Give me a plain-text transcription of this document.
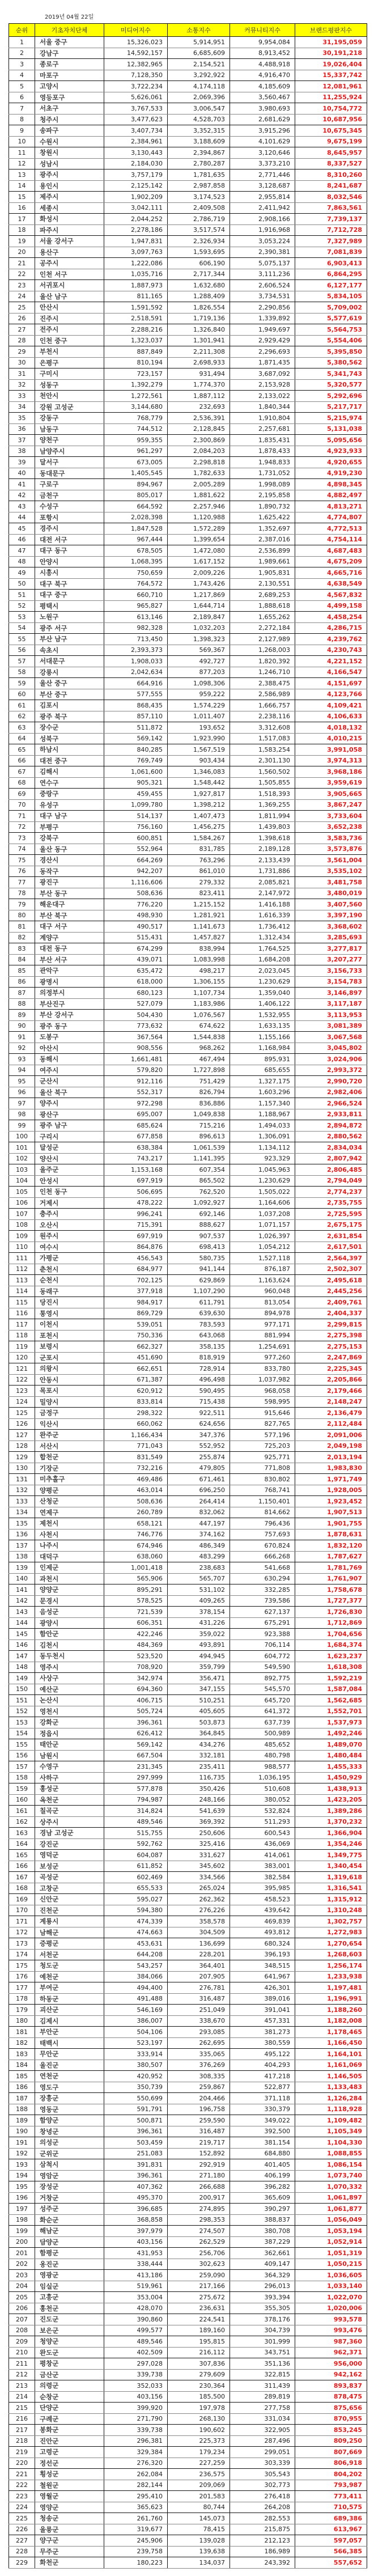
2019년 04월 22일
순위	기초자치단체	미디어지수	소통지수	커뮤니티지수	브랜드평판지수
1	서울 중구	15,326,023	5,914,951	9,954,084	31,195,059
2	강남구	14,592,157	6,685,609	8,913,452	30,191,218
3	종로구	12,382,965	2,154,521	4,488,918	19,026,404
4	마포구	7,128,350	3,292,922	4,916,470	15,337,742
5	고양시	3,722,234	4,174,118	4,185,609	12,081,961
6	영등포구	5,626,061	2,069,396	3,560,467	11,255,924
7	서초구	3,767,533	3,006,547	3,980,693	10,754,772
8	청주시	3,477,623	4,528,703	2,681,629	10,687,956
9	송파구	3,407,734	3,352,315	3,915,296	10,675,345
10	수원시	2,384,961	3,188,609	4,101,629	9,675,199
11	창원시	3,130,443	2,394,867	3,120,646	8,645,957
12	성남시	2,184,030	2,780,287	3,373,210	8,337,527
13	광주시	3,757,179	1,781,635	2,771,446	8,310,260
14	용인시	2,125,142	2,987,858	3,128,687	8,241,687
15	제주시	1,902,209	3,174,523	2,955,814	8,032,546
16	세종시	3,042,111	2,409,508	2,411,942	7,863,561
17	화성시	2,044,252	2,786,719	2,908,166	7,739,137
18	파주시	2,278,186	3,517,574	1,916,968	7,712,728
19	서울 강서구	1,947,831	2,326,934	3,053,224	7,327,989
20	용산구	3,097,763	1,593,695	2,390,381	7,081,839
21	공주시	1,222,086	606,190	5,075,137	6,903,413
22	인천 서구	1,035,716	2,717,344	3,111,236	6,864,295
23	서귀포시	1,887,973	1,632,680	2,606,524	6,127,177
24	울산 남구	811,165	1,288,409	3,734,531	5,834,105
25	안산시	1,591,592	1,826,554	2,290,856	5,709,002
26	진주시	2,518,591	1,719,136	1,339,892	5,577,619
27	전주시	2,288,216	1,326,840	1,949,697	5,564,753
28	인천 중구	1,323,037	1,301,941	2,929,429	5,554,406
29	부천시	887,849	2,211,308	2,296,693	5,395,850
30	은평구	810,194	2,698,933	1,871,435	5,380,562
31	구미시	723,157	931,494	3,687,092	5,341,743
32	성동구	1,392,279	1,774,370	2,153,928	5,320,577
33	천안시	1,272,561	1,887,112	2,133,022	5,292,696
34	강원 고성군	3,144,680	232,693	1,840,344	5,217,717
35	강동구	768,779	2,536,391	1,910,804	5,215,974
36	남동구	744,512	2,128,845	2,257,681	5,131,038
37	양천구	959,355	2,300,869	1,835,431	5,095,656
38	남양주시	961,297	2,084,203	1,878,433	4,923,933
39	달서구	673,005	2,298,818	1,948,833	4,920,655
40	동대문구	1,405,545	1,782,633	1,731,052	4,919,230
41	구로구	894,967	2,005,289	1,998,089	4,898,345
42	금천구	805,017	1,881,622	2,195,858	4,882,497
43	수성구	664,592	2,257,946	1,890,732	4,813,271
44	포항시	2,028,398	1,120,988	1,625,422	4,774,807
45	경주시	1,847,528	1,572,289	1,352,697	4,772,513
46	대전 서구	967,444	1,399,654	2,387,016	4,754,114
47	대구 동구	678,505	1,472,080	2,536,899	4,687,483
48	안양시	1,068,395	1,617,152	1,989,661	4,675,209
49	시흥시	750,659	2,009,226	1,905,831	4,665,716
50	대구 북구	764,572	1,743,426	2,130,551	4,638,549
51	대구 중구	660,710	1,217,869	2,689,253	4,567,832
52	평택시	965,827	1,644,714	1,888,618	4,499,158
53	노원구	613,146	2,189,847	1,655,262	4,458,254
54	광주 서구	982,328	1,032,203	2,272,184	4,286,715
55	부산 남구	713,450	1,398,323	2,127,989	4,239,762
56	속초시	2,393,373	569,367	1,268,003	4,230,743
57	서대문구	1,908,033	492,727	1,820,392	4,221,152
58	강릉시	2,042,634	877,203	1,246,710	4,166,547
59	울산 중구	664,916	1,098,306	2,388,475	4,151,697
60	부산 중구	577,555	959,222	2,586,989	4,123,766
61	김포시	868,435	1,574,229	1,666,757	4,109,421
62	광주 북구	857,110	1,011,407	2,238,116	4,106,633
63	장수군	511,872	193,652	3,312,608	4,018,132
64	성북구	569,142	1,923,990	1,517,083	4,010,215
65	하남시	840,285	1,567,519	1,583,254	3,991,058
66	대전 중구	769,749	903,434	2,301,130	3,974,313
67	김해시	1,061,600	1,346,083	1,560,502	3,968,186
68	연수구	905,321	1,548,442	1,505,855	3,959,619
69	중랑구	459,455	1,927,817	1,518,393	3,905,665
70	유성구	1,099,780	1,398,212	1,369,255	3,867,247
71	대구 남구	514,137	1,407,473	1,811,994	3,733,604
72	부평구	756,160	1,456,275	1,439,803	3,652,238
73	강북구	600,851	1,584,267	1,398,618	3,583,736
74	울산 동구	552,964	831,785	2,189,128	3,573,876
75	경산시	664,269	763,296	2,133,439	3,561,004
76	동작구	942,207	861,010	1,731,886	3,535,102
77	광진구	1,116,606	279,332	2,085,821	3,481,758
78	부산 동구	508,636	823,411	2,147,972	3,480,019
79	해운대구	776,220	1,215,152	1,416,188	3,407,560
80	부산 북구	498,930	1,281,921	1,616,339	3,397,190
81	대구 서구	490,517	1,141,673	1,736,412	3,368,602
82	계양구	515,431	1,457,827	1,312,434	3,285,693
83	대전 동구	674,299	838,994	1,764,525	3,277,817
84	부산 서구	439,071	1,083,998	1,684,208	3,207,277
85	관악구	635,472	498,217	2,023,045	3,156,733
86	광명시	618,000	1,306,155	1,230,629	3,154,783
87	의정부시	680,123	1,107,734	1,359,040	3,146,897
88	부산진구	527,079	1,183,986	1,406,122	3,117,187
89	부산 강서구	504,430	1,076,567	1,532,955	3,113,953
90	광주 동구	773,632	674,622	1,633,135	3,081,389
91	도봉구	367,564	1,544,838	1,155,166	3,067,568
92	아산시	908,556	968,262	1,168,984	3,045,802
93	동해시	1,661,481	467,494	895,931	3,024,906
94	여주시	579,820	1,727,898	685,655	2,993,372
95	군산시	912,116	751,429	1,327,175	2,990,720
96	울산 북구	552,317	826,794	1,603,296	2,982,406
97	양주시	972,298	836,886	1,157,340	2,966,524
98	광산구	695,007	1,049,838	1,188,967	2,933,811
99	광주 남구	685,624	715,216	1,494,033	2,894,872
100	구리시	677,858	896,613	1,306,091	2,880,562
101	달성군	638,384	1,061,539	1,134,112	2,834,034
102	양산시	743,217	1,141,395	923,329	2,807,942
103	울주군	1,153,168	607,354	1,045,963	2,806,485
104	안성시	697,919	865,502	1,230,629	2,794,049
105	인천 동구	506,695	762,520	1,505,022	2,774,237
106	거제시	478,222	1,092,927	1,164,606	2,735,755
107	충주시	996,241	692,146	1,037,208	2,725,595
108	오산시	715,391	888,627	1,071,157	2,675,175
109	원주시	697,919	907,537	1,026,397	2,631,854
110	여수시	864,876	698,413	1,054,212	2,617,501
111	가평군	456,543	580,735	1,527,118	2,564,397
112	춘천시	684,977	941,144	876,187	2,502,307
113	순천시	702,125	629,869	1,163,624	2,495,618
114	동래구	377,918	1,107,290	960,048	2,445,256
115	당진시	984,917	611,791	813,054	2,409,761
116	통영시	869,729	639,630	894,978	2,404,337
117	이천시	539,051	783,593	977,171	2,299,815
118	포천시	750,336	643,068	881,994	2,275,398
119	보령시	662,327	358,135	1,254,691	2,275,153
120	군포시	451,690	818,919	977,260	2,247,869
121	의왕시	662,651	728,914	833,780	2,225,345
122	안동시	671,387	496,498	1,037,982	2,205,866
123	목포시	620,912	590,495	968,058	2,179,466
124	밀양시	833,814	715,438	598,995	2,148,247
125	금정구	298,322	922,511	915,646	2,136,479
126	익산시	660,062	624,656	827,765	2,112,484
127	완주군	1,166,434	347,376	577,196	2,091,006
128	서산시	771,043	552,952	725,203	2,049,198
129	합천군	831,549	255,874	925,771	2,013,194
130	기장군	732,216	479,805	771,808	1,983,830
131	미추홀구	469,486	671,461	830,802	1,971,749
132	양평군	463,014	696,250	768,741	1,928,005
133	산청군	508,636	264,414	1,150,401	1,923,452
134	연제구	260,789	832,062	814,662	1,907,513
135	제천시	658,121	447,197	796,436	1,901,755
136	사천시	746,776	374,162	757,693	1,878,631
137	나주시	674,946	486,349	670,824	1,832,120
138	대덕구	638,060	483,299	666,268	1,787,627
139	인제군	1,001,418	238,683	541,668	1,781,769
140	과천시	565,906	565,707	630,294	1,761,907
141	양양군	895,291	531,102	332,285	1,758,678
142	문경시	578,525	409,265	739,586	1,727,377
143	음성군	721,539	378,154	627,137	1,726,830
144	광양시	606,351	431,226	675,291	1,712,869
145	함안군	422,246	359,022	923,388	1,704,656
146	김천시	484,369	493,891	706,114	1,684,374
147	동두천시	523,520	494,945	604,772	1,623,237
148	영주시	708,920	359,799	549,590	1,618,308
149	사상구	342,974	356,471	892,775	1,592,219
150	예산군	694,360	347,155	545,570	1,587,084
151	논산시	406,715	510,251	645,720	1,562,685
152	영천시	505,724	405,605	641,372	1,552,701
153	강화군	396,361	503,873	637,739	1,537,973
154	정읍시	626,412	364,845	500,989	1,492,246
155	태안군	569,142	434,276	485,652	1,489,070
156	남원시	667,504	332,181	480,798	1,480,484
157	수영구	231,345	235,411	988,577	1,455,333
158	사하구	297,999	116,735	1,036,195	1,450,929
159	홍성군	577,878	350,426	510,608	1,438,913
160	옥천군	794,987	248,166	380,052	1,423,205
161	칠곡군	314,824	541,639	532,824	1,389,286
162	상주시	489,546	369,392	511,293	1,370,232
163	경남 고성군	515,755	250,606	600,543	1,366,904
164	강진군	592,762	325,416	436,069	1,354,246
165	영덕군	604,087	331,627	414,061	1,349,775
166	보성군	611,852	345,602	383,001	1,340,454
167	곡성군	602,469	334,566	382,584	1,319,618
168	고창군	655,533	265,024	395,985	1,316,541
169	신안군	595,027	262,362	458,523	1,315,912
170	진천군	594,380	276,226	439,642	1,310,248
171	계룡시	474,339	358,578	469,839	1,302,757
172	남해군	474,663	304,509	493,812	1,272,983
173	증평군	453,631	136,699	680,324	1,270,654
174	서천군	644,208	228,201	396,193	1,268,603
175	청도군	543,257	364,401	348,515	1,256,174
176	예천군	384,066	207,905	641,967	1,233,938
177	부여군	494,400	276,781	426,301	1,197,481
178	하동군	491,488	316,487	389,016	1,196,991
179	괴산군	546,169	251,049	391,041	1,188,260
180	김제시	386,007	338,670	457,331	1,182,008
181	부안군	504,106	293,085	381,273	1,178,465
182	태백시	523,197	262,695	380,559	1,166,450
183	무안군	333,914	335,065	495,122	1,164,101
184	울진군	380,507	376,269	404,293	1,161,069
185	연천군	420,952	308,335	417,218	1,146,505
186	영도구	350,739	259,867	522,877	1,133,483
187	장흥군	550,699	204,466	371,118	1,126,284
188	영동군	591,791	196,758	330,379	1,118,928
189	함양군	500,871	259,590	349,022	1,109,482
190	창녕군	396,361	316,487	392,500	1,105,349
191	의성군	503,459	219,717	381,154	1,104,330
192	군위군	251,083	152,892	684,880	1,088,855
193	삼척시	391,831	292,919	401,405	1,086,154
194	영암군	396,361	271,180	406,199	1,073,740
195	장성군	407,362	266,688	396,282	1,070,332
196	거창군	495,370	200,917	365,609	1,061,897
197	성주군	396,685	274,895	390,297	1,061,877
198	화순군	368,858	298,353	388,837	1,056,049
199	해남군	397,979	274,507	380,708	1,053,194
200	담양군	403,156	262,529	387,229	1,052,914
201	함평군	431,953	256,706	362,661	1,051,319
202	옹진군	338,444	302,623	409,147	1,050,215
203	영광군	413,186	259,090	364,329	1,036,605
204	임실군	519,961	217,166	296,013	1,033,140
205	고흥군	353,004	275,672	393,394	1,022,070
206	홍천군	428,070	236,631	355,305	1,020,006
207	진도군	390,860	224,541	378,176	993,578
208	보은군	499,577	189,160	304,739	993,476
209	청양군	489,546	195,815	301,999	987,360
210	완도군	402,509	216,112	343,751	962,371
211	평창군	297,028	307,836	351,136	956,000
212	금산군	339,738	279,609	322,815	942,162
213	의령군	352,033	230,364	311,439	893,837
214	순창군	403,156	185,500	289,819	878,475
215	단양군	399,920	197,978	277,758	875,656
216	구례군	271,790	268,130	331,034	870,955
217	봉화군	339,738	190,602	322,905	853,245
218	진안군	296,381	225,373	287,496	809,250
219	고령군	329,384	179,234	299,051	807,669
220	정선군	276,320	227,259	303,339	806,918
221	횡성군	262,084	236,575	305,543	804,202
222	철원군	282,144	209,069	302,773	793,987
223	영월군	295,410	201,583	276,418	773,411
224	영양군	365,623	80,744	264,208	710,575
225	청송군	261,760	145,073	282,553	689,386
226	울릉군	319,677	78,415	215,875	613,967
227	양구군	245,906	139,028	212,123	597,057
228	무주군	239,758	139,638	186,989	566,385
229	화천군	180,223	134,037	243,392	557,652
